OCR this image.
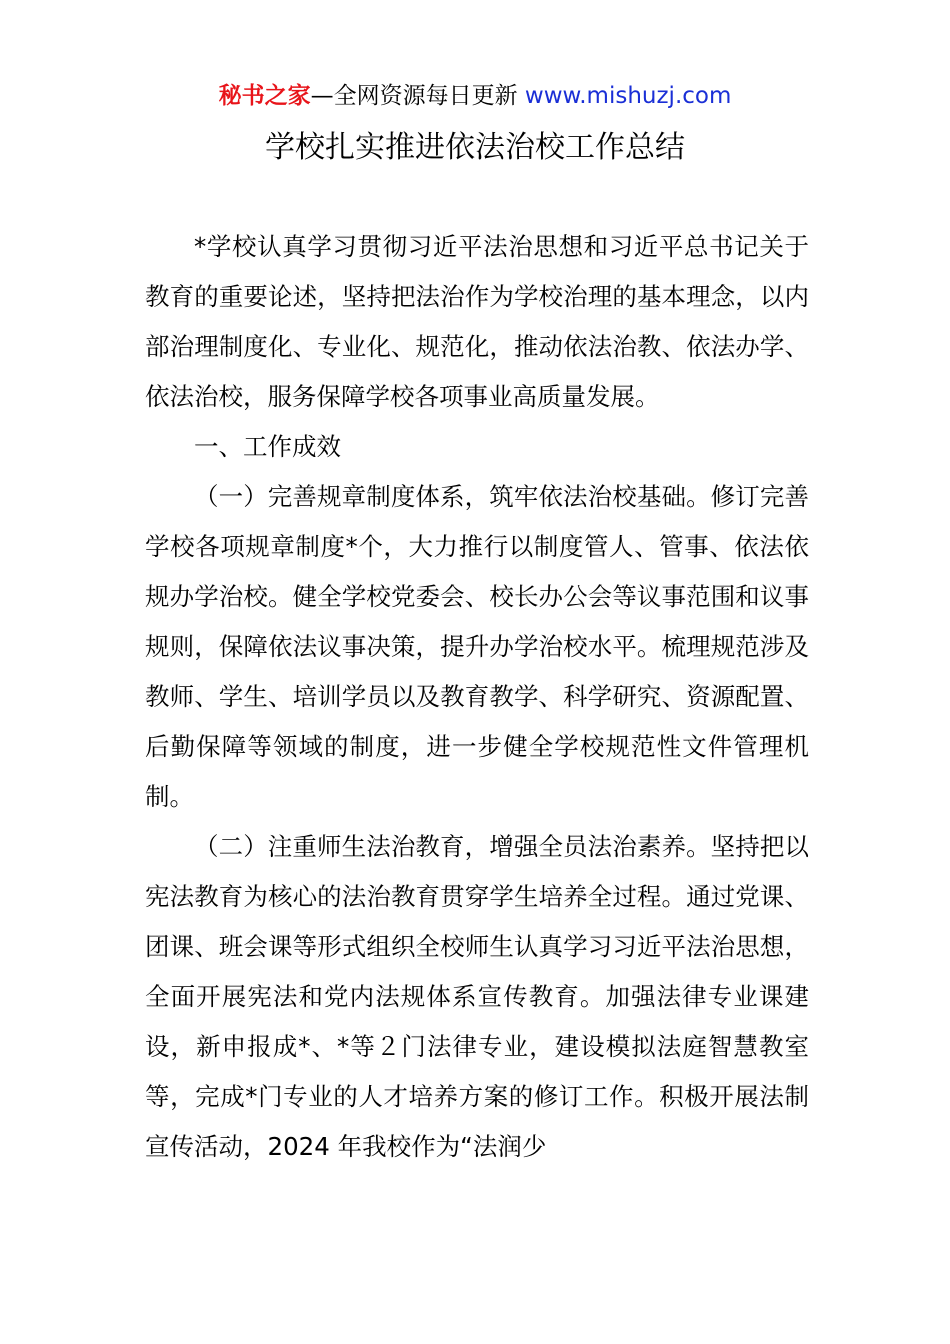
秘书之家—全网资源每日更新 www.mishuzj.com
学校扎实推进依法治校工作总结

*学校认真学习贯彻习近平法治思想和习近平总书记关于教育的重要论述，坚持把法治作为学校治理的基本理念，以内部治理制度化、专业化、规范化，推动依法治教、依法办学、依法治校，服务保障学校各项事业高质量发展。

一、工作成效

（一）完善规章制度体系，筑牢依法治校基础。修订完善学校各项规章制度*个，大力推行以制度管人、管事、依法依规办学治校。健全学校党委会、校长办公会等议事范围和议事规则，保障依法议事决策，提升办学治校水平。梳理规范涉及教师、学生、培训学员以及教育教学、科学研究、资源配置、后勤保障等领域的制度，进一步健全学校规范性文件管理机制。

（二）注重师生法治教育，增强全员法治素养。坚持把以宪法教育为核心的法治教育贯穿学生培养全过程。通过党课、团课、班会课等形式组织全校师生认真学习习近平法治思想，全面开展宪法和党内法规体系宣传教育。加强法律专业课建设，新申报成*、*等２门法律专业，建设模拟法庭智慧教室等，完成*门专业的人才培养方案的修订工作。积极开展法制宣传活动，2024 年我校作为“法润少
